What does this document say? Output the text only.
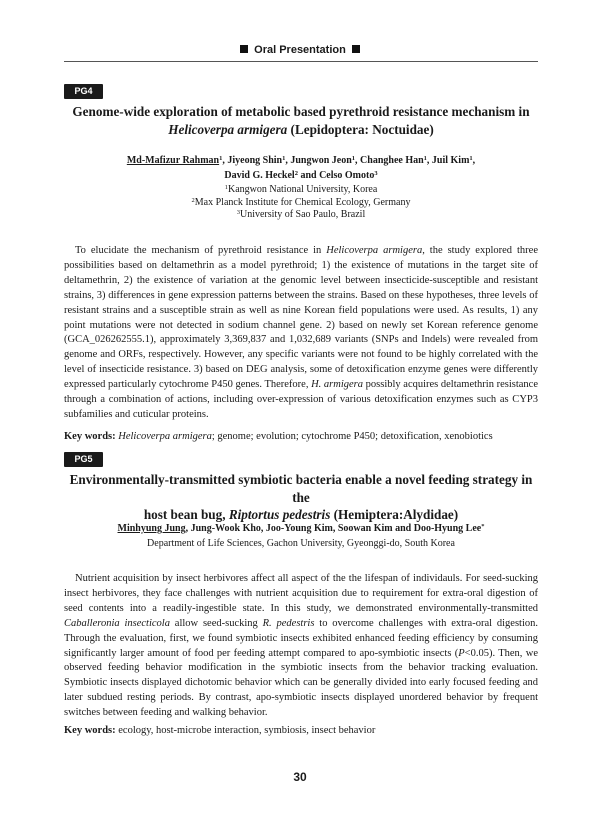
Oral Presentation
PG4
Genome-wide exploration of metabolic based pyrethroid resistance mechanism in
Helicoverpa armigera (Lepidoptera: Noctuidae)
Md-Mafizur Rahman$^1$, Jiyeong Shin$^1$, Jungwon Jeon$^1$, Changhee Han$^1$, Juil Kim$^1$,
David G. Heckel$^2$ and Celso Omoto$^3$
$^1$Kangwon National University, Korea
$^2$Max Planck Institute for Chemical Ecology, Germany
$^3$University of Sao Paulo, Brazil
To elucidate the mechanism of pyrethroid resistance in Helicoverpa armigera, the study explored three possibilities based on deltamethrin as a model pyrethroid; 1) the existence of mutations in the target site of deltamethrin, 2) the existence of variation at the genomic level between insecticide-susceptible and resistant strains, 3) differences in gene expression patterns between the strains. Based on these hypotheses, three levels of resistant strains and a susceptible strain as well as nine Korean field populations were used. As results, 1) any point mutations were not detected in sodium channel gene. 2) based on newly set Korean reference genome (GCA_026262555.1), approximately 3,369,837 and 1,032,689 variants (SNPs and Indels) were revealed from genome and ORFs, respectively. However, any specific variants were not found to be highly correlated with the level of insecticide resistance. 3) based on DEG analysis, some of detoxification enzyme genes were differently expressed particularly cytochrome P450 genes. Therefore, H. armigera possibly acquires deltamethrin resistance through a combination of actions, including over-expression of various detoxification enzymes such as CYP3 subfamilies and cuticular proteins.
Key words: Helicoverpa armigera; genome; evolution; cytochrome P450; detoxification, xenobiotics
PG5
Environmentally-transmitted symbiotic bacteria enable a novel feeding strategy in the
host bean bug, Riptortus pedestris (Hemiptera:Alydidae)
Minhyung Jung, Jung-Wook Kho, Joo-Young Kim, Soowan Kim and Doo-Hyung Lee*
Department of Life Sciences, Gachon University, Gyeonggi-do, South Korea
Nutrient acquisition by insect herbivores affect all aspect of the the lifespan of individauls. For seed-sucking insect herbivores, they face challenges with nutrient acquisition due to requirement for extra-oral digestion of seed contents into a readily-ingestible state. In this study, we demonstrated environmentally-transmitted Caballeronia insecticola allow seed-sucking R. pedestris to overcome challenges with extra-oral digestion. Through the evaluation, first, we found symbiotic insects exhibited enhanced feeding efficiency by consuming significantly larger amount of food per feeding attempt compared to apo-symbiotic insects (P<0.05). Then, we observed feeding behavior modification in the symbiotic insects from the behavior tracking evaluation. Symbiotic insects displayed dichotomic behavior which can be generally divided into early focused feeding and later subdued resting periods. By contrast, apo-symbiotic insects displayed unordered behavior by frequent switches between feeding and walking behavior.
Key words: ecology, host-microbe interaction, symbiosis, insect behavior
30
